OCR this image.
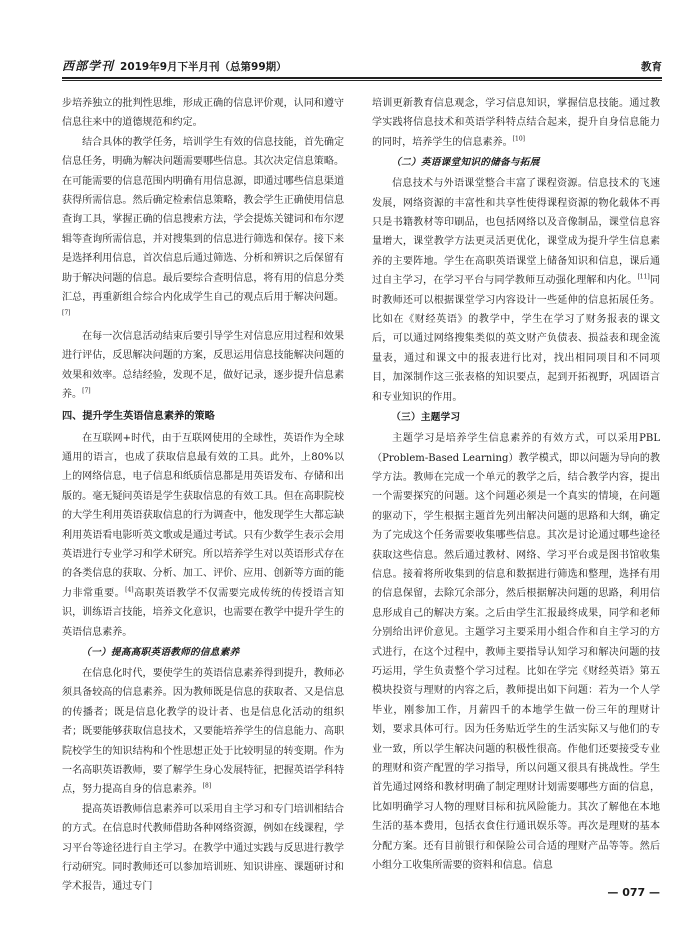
西部学刊 2019年9月下半月刊（总第99期）	教育

步培养独立的批判性思维，形成正确的信息评价观，认同和遵守信息往来中的道德规范和约定。

结合具体的教学任务，培训学生有效的信息技能，首先确定信息任务，明确为解决问题需要哪些信息。其次决定信息策略。在可能需要的信息范围内明确有用信息源，即通过哪些信息渠道获得所需信息。然后确定检索信息策略，教会学生正确使用信息查询工具，掌握正确的信息搜索方法，学会提炼关键词和布尔逻辑等查询所需信息，并对搜集到的信息进行筛选和保存。接下来是选择利用信息，首次信息后通过筛选、分析和辨识之后保留有助于解决问题的信息。最后要综合查明信息，将有用的信息分类汇总，再重新组合综合内化成学生自己的观点后用于解决问题。[7]

在每一次信息活动结束后要引导学生对信息应用过程和效果进行评估，反思解决问题的方案，反思运用信息技能解决问题的效果和效率。总结经验，发现不足，做好记录，逐步提升信息素养。[7]

四、提升学生英语信息素养的策略

在互联网+时代，由于互联网使用的全球性，英语作为全球通用的语言，也成了获取信息最有效的工具。此外，上80%以上的网络信息，电子信息和纸质信息都是用英语发布、存储和出版的。毫无疑问英语是学生获取信息的有效工具。但在高职院校的大学生利用英语获取信息的行为调查中，他发现学生大都忘缺利用英语看电影听英文歌或是通过考试。只有少数学生表示会用英语进行专业学习和学术研究。所以培养学生对以英语形式存在的各类信息的获取、分析、加工、评价、应用、创新等方面的能力非常重要。[4]高职英语教学不仅需要完成传统的传授语言知识，训练语言技能，培养文化意识，也需要在教学中提升学生的英语信息素养。

（一）提高高职英语教师的信息素养

在信息化时代，要使学生的英语信息素养得到提升，教师必须具备较高的信息素养。因为教师既是信息的获取者、又是信息的传播者；既是信息化教学的设计者、也是信息化活动的组织者；既要能够获取信息技术，又要能培养学生的信息能力、高职院校学生的知识结构和个性思想正处于比较明显的转变期。作为一名高职英语教师，要了解学生身心发展特征，把握英语学科特点，努力提高自身的信息素养。[8]

提高英语教师信息素养可以采用自主学习和专门培训相结合的方式。在信息时代教师借助各种网络资源，例如在线课程，学习平台等途径进行自主学习。在教学中通过实践与反思进行教学行动研究。同时教师还可以参加培训班、知识讲座、课题研讨和学术报告，通过专门

培训更新教育信息观念，学习信息知识，掌握信息技能。通过教学实践将信息技术和英语学科特点结合起来，提升自身信息能力的同时，培养学生的信息素养。[10]

（二）英语课堂知识的储备与拓展

信息技术与外语课堂整合丰富了课程资源。信息技术的飞速发展，网络资源的丰富性和共享性使得课程资源的物化载体不再只是书籍教材等印刷品，也包括网络以及音像制品，课堂信息容量增大，课堂教学方法更灵活更优化，课堂成为提升学生信息素养的主要阵地。学生在高职英语课堂上储备知识和信息，课后通过自主学习，在学习平台与同学教师互动强化理解和内化。[11]同时教师还可以根据课堂学习内容设计一些延伸的信息拓展任务。比如在《财经英语》的教学中，学生在学习了财务报表的课文后，可以通过网络搜集类似的英文财产负债表、损益表和现金流量表，通过和课文中的报表进行比对，找出相同项目和不同项目，加深制作这三张表格的知识要点，起到开拓视野，巩固语言和专业知识的作用。

（三）主题学习

主题学习是培养学生信息素养的有效方式，可以采用PBL（Problem-Based Learning）教学模式，即以问题为导向的教学方法。教师在完成一个单元的教学之后，结合教学内容，提出一个需要探究的问题。这个问题必须是一个真实的情境，在问题的驱动下，学生根据主题首先列出解决问题的思路和大纲，确定为了完成这个任务需要收集哪些信息。其次是讨论通过哪些途径获取这些信息。然后通过教材、网络、学习平台或是图书馆收集信息。接着将所收集到的信息和数据进行筛选和整理，选择有用的信息保留，去除冗余部分，然后根据解决问题的思路，利用信息形成自己的解决方案。之后由学生汇报最终成果，同学和老师分别给出评价意见。主题学习主要采用小组合作和自主学习的方式进行，在这个过程中，教师主要指导认知学习和解决问题的技巧运用，学生负责整个学习过程。比如在学完《财经英语》第五模块投资与理财的内容之后，教师提出如下问题：若为一个人学毕业，刚参加工作，月薪四千的本地学生做一份三年的理财计划，要求具体可行。因为任务贴近学生的生活实际又与他们的专业一致，所以学生解决问题的积极性很高。作他们还要接受专业的理财和资产配置的学习指导，所以问题又很具有挑战性。学生首先通过网络和教材明确了制定理财计划需要哪些方面的信息，比如明确学习人物的理财目标和抗风险能力。其次了解他在本地生活的基本费用，包括衣食住行通讯娱乐等。再次是理财的基本分配方案。还有目前银行和保险公司合适的理财产品等等。然后小组分工收集所需要的资料和信息。信息

— 077 —
